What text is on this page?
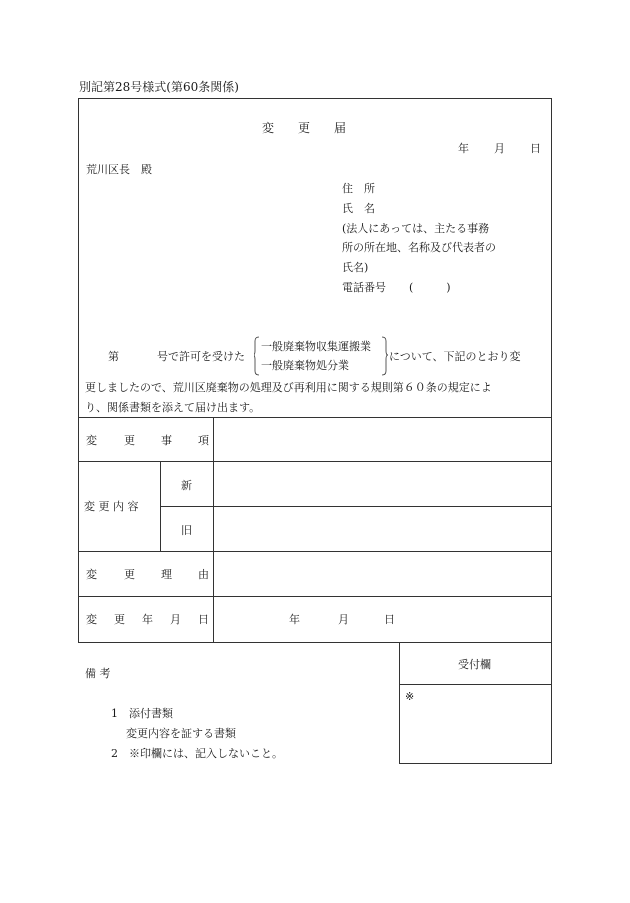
別記第28号様式(第60条関係)
変　　更　　届
年 月 日
荒川区長　殿
住　所
氏　名
(法人にあっては、主たる事務
所の所在地、名称及び代表者の
氏名)
電話番号 (　　　)
第	号で許可を受けた
一般廃棄物収集運搬業
一般廃棄物処分業
について、下記のとおり変
更しましたので、荒川区廃棄物の処理及び再利用に関する規則第６０条の規定によ
り、関係書類を添えて届け出ます。
変 更 事 項
変 更 内 容
新
旧
変 更 理 由
変 更 年 月 日	年	月	日
備 考
1 添付書類
変更内容を証する書類
2 ※印欄には、記入しないこと。
受付欄
※
